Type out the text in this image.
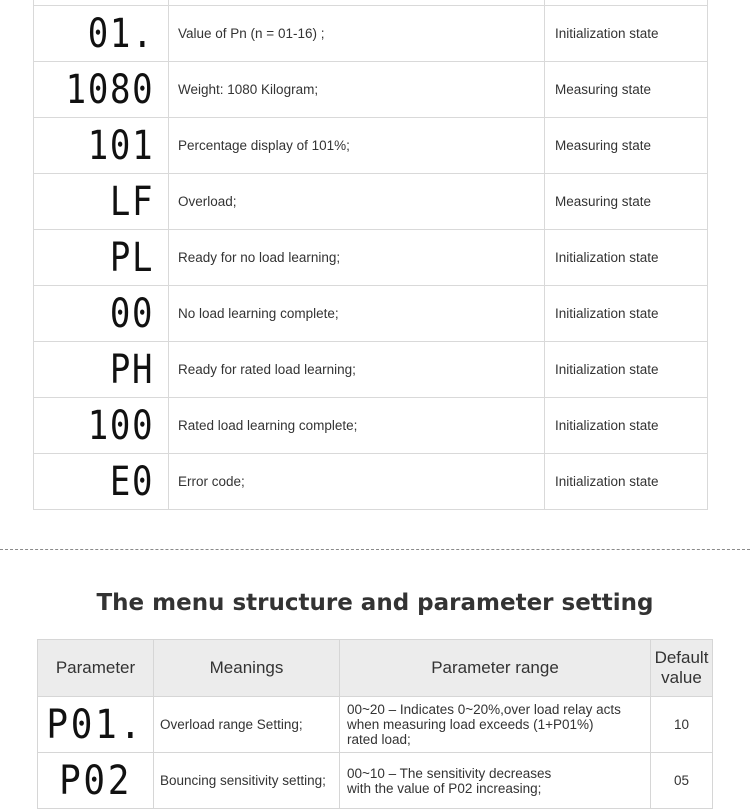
01.	Value of Pn (n = 01-16) ;	Initialization state
1080	Weight: 1080 Kilogram;	Measuring state
101	Percentage display of 101%;	Measuring state
LF	Overload;	Measuring state
PL	Ready for no load learning;	Initialization state
00	No load learning complete;	Initialization state
PH	Ready for rated load learning;	Initialization state
100	Rated load learning complete;	Initialization state
E0	Error code;	Initialization state
The menu structure and parameter setting
Parameter	Meanings	Parameter range	Default
value
P01.	Overload range Setting;	00~20 – Indicates 0~20%,over load relay acts
when measuring load exceeds (1+P01%)
rated load;	10
P02	Bouncing sensitivity setting;	00~10 – The sensitivity decreases
with the value of P02 increasing;	05
